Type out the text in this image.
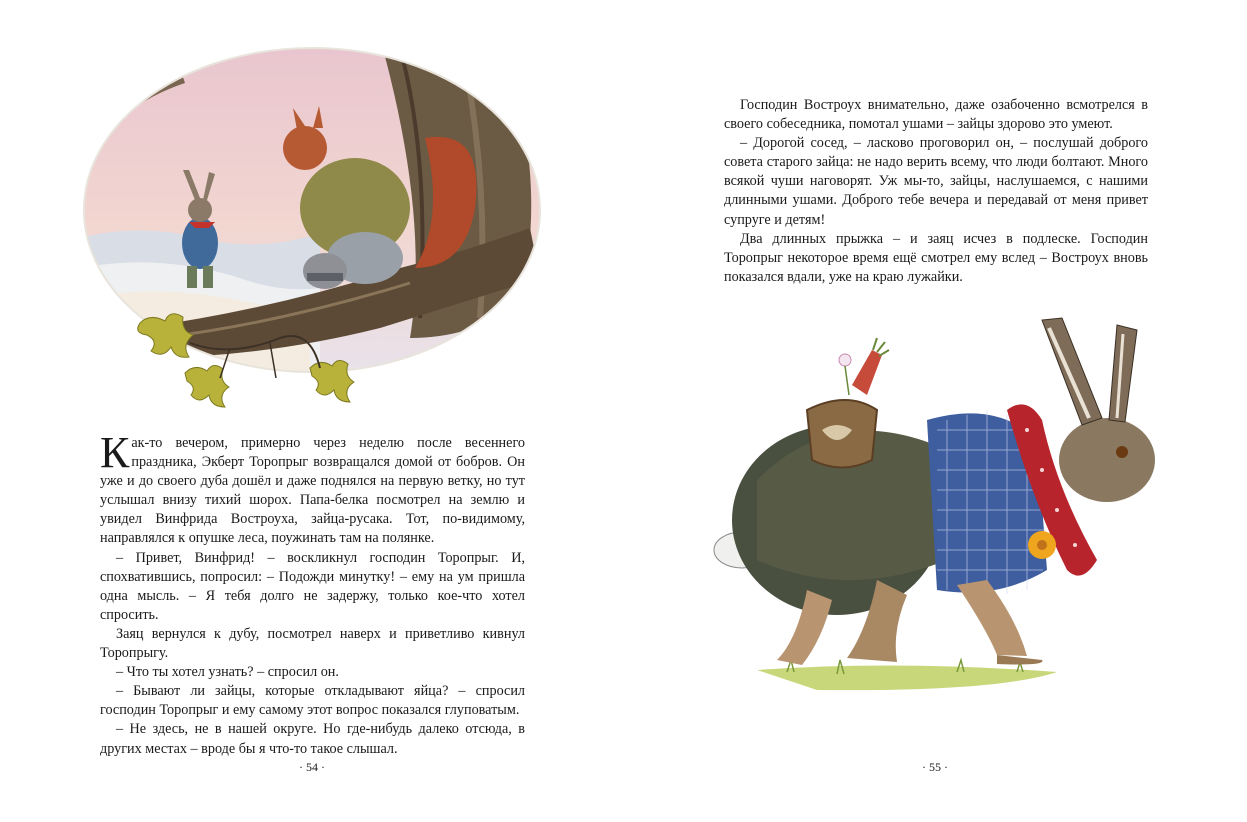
Как-то вечером, примерно через неделю после весеннего праздника, Экберт Торопрыг возвращался домой от бобров. Он уже и до своего дуба дошёл и даже поднялся на первую ветку, но тут услышал внизу тихий шорох. Папа-белка посмотрел на землю и увидел Винфрида Востроуха, зайца-русака. Тот, по-видимому, направлялся к опушке леса, поужинать там на полянке.

– Привет, Винфрид! – воскликнул господин Торопрыг. И, спохватившись, попросил: – Подожди минутку! – ему на ум пришла одна мысль. – Я тебя долго не задержу, только кое-что хотел спросить.

Заяц вернулся к дубу, посмотрел наверх и приветливо кивнул Торопрыгу.

– Что ты хотел узнать? – спросил он.

– Бывают ли зайцы, которые откладывают яйца? – спросил господин Торопрыг и ему самому этот вопрос показался глуповатым.

– Не здесь, не в нашей округе. Но где-нибудь далеко отсюда, в других местах – вроде бы я что-то такое слышал.

· 54 ·

Господин Востроух внимательно, даже озабоченно всмотрелся в своего собеседника, помотал ушами – зайцы здорово это умеют.

– Дорогой сосед, – ласково проговорил он, – послушай доброго совета старого зайца: не надо верить всему, что люди болтают. Много всякой чуши наговорят. Уж мы-то, зайцы, наслушаемся, с нашими длинными ушами. Доброго тебе вечера и передавай от меня привет супруге и детям!

Два длинных прыжка – и заяц исчез в подлеске. Господин Торопрыг некоторое время ещё смотрел ему вслед – Востроух вновь показался вдали, уже на краю лужайки.

· 55 ·
